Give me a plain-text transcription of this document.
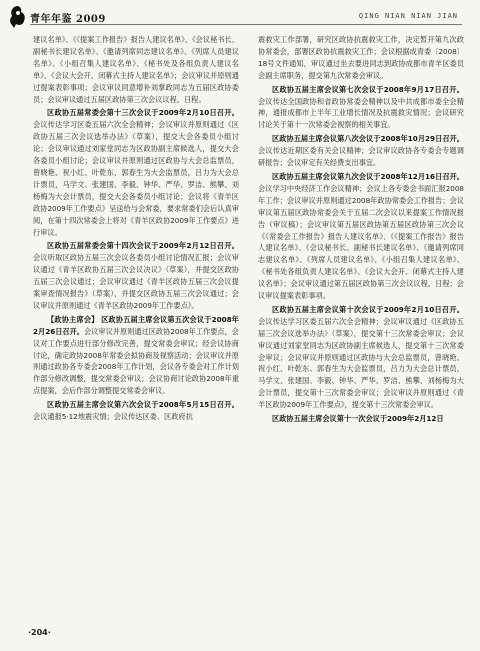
青年年鉴 2009	QING NIAN NIAN JIAN

建议名单》、《《提案工作报告》报告人建议名单》、《会议秘书长、副秘书长建议名单》、《邀请列席同志建议名单》、《列席人员建议名单》、《小组召集人建议名单》、《秘书处及各组负责人建议名单》、《会议大会开、闭幕式主持人建议名单》；会议审议并原则通过提案表彰事项；会议审议同意增补刘掌政同志为五届区政协委员；会议审议通过五届区政协第三次会议议程、日程。

区政协五届常委会第十三次会议于2009年2月10日召开。会议传达学习区委五届六次全会精神；会议审议并原则通过《区政协五届三次会议选举办法》（草案），提交大会各委员小组讨论；会议审议通过刘家堂同志为区政协副主席候选人，提交大会各委员小组讨论；会议审议并原则通过区政协与大会总监票员，曾晓艳、祝小红、叶乾东、郭春生为大会监票员，吕力为大会总计票员，马学文、张建国、李毅、钟华、严华、罗洁、熊攀、刘杨梅为大会计票员，提交大会各委员小组讨论；会议将《青羊区政协2009年工作要点》呈送给与会常委，要求常委们会后认真审阅，在第十四次常委会上将对《青羊区政协2009年工作要点》进行审议。

区政协五届常委会第十四次会议于2009年2月12日召开。会议听取区政协五届三次会议各委员小组讨论情况汇报；会议审议通过《青羊区政协五届三次会议决议》（草案），并提交区政协五届三次会议通过；会议审议通过《青羊区政协五届三次会议提案审查情况报告》（草案），并提交区政协五届三次会议通过；会议审议并原则通过《青羊区政协2009年工作要点》。

【政协主席会】 区政协五届主席会议第五次会议于2008年2月26日召开。会议审议并原则通过区政协2008年工作要点，会议对工作要点进行部分修改完善，提交常委会审议；经会议协商讨论，确定政协2008年常委会拟协商及视察活动；会议审议并原则通过政协各专委会2008年工作计划，会议各专委会对工作计划作部分修改调整，提交常委会审议；会议协商讨论政协2008年重点提案，会后作部分调整提交常委会审议。

区政协五届主席会议第六次会议于2008年5月15日召开。会议通报5·12地震灾情；会议传达区委、区政府抗

震救灾工作部署，研究区政协抗震救灾工作，决定暂开第九次政协常委会，部署区政协抗震救灾工作；会议根据成青委〔2008〕18号文件通知，审议通过坐去要进同志到政协成都市青羊区委员会副主席职务，提交第九次常委会审议。

区政协五届主席会议第七次会议于2008年9月17日召开。会议传达全国政协和省政协常委会精神以及中共成都市委全会精神，通报成都市上半年工业增长情况及抗震救灾情况；会议研究讨论关于第十一次常委会视察的相关事宜。

区政协五届主席会议第八次会议于2008年10月29日召开。会议传达近期区委有关会议精神；会议审议政协各专委会专题调研报告；会议审定有关经费支出事宜。

区政协五届主席会议第九次会议于2008年12月16日召开。会议学习中央经济工作会议精神；会议上各专委会书面汇报2008年工作；会议审议并原则通过2008年政协常委会工作报告；会议审议第五届区政协常委会关于五届二次会议以来提案工作情况报告（审议稿）；会议审议第五届区政协第五届区政协第三次会议《《常委会工作报告》报告人建议名单》、《《提案工作报告》报告人建议名单》、《会议秘书长、副秘书长建议名单》、《邀请列席同志建议名单》、《列席人员建议名单》、《小组召集人建议名单》、《秘书处各组负责人建议名单》、《会议大会开、闭幕式主持人建议名单》；会议审议通过第五届区政协第三次会议议程、日程；会议审议提案表彰事项。

区政协五届主席会议第十次会议于2009年2月10日召开。会议传达学习区委五届六次全会精神；会议审议通过《区政协五届三次会议选举办法》（草案），提交第十三次常委会审议；会议审议通过刘家堂同志为区政协副主席候选人，提交第十三次常委会审议；会议审议并原则通过区政协与大会总监票员，曾晓艳、祝小红、叶乾东、郭春生为大会监票员，吕力为大会总计票员，马学文、张建国、李毅、钟华、严华、罗洁、熊攀、刘杨梅为大会计票员，提交第十三次常委会审议；会议审议并原则通过《青羊区政协2009年工作要点》，提交第十三次常委会审议。

区政协五届主席会议第十一次会议于2009年2月12日

·204·
